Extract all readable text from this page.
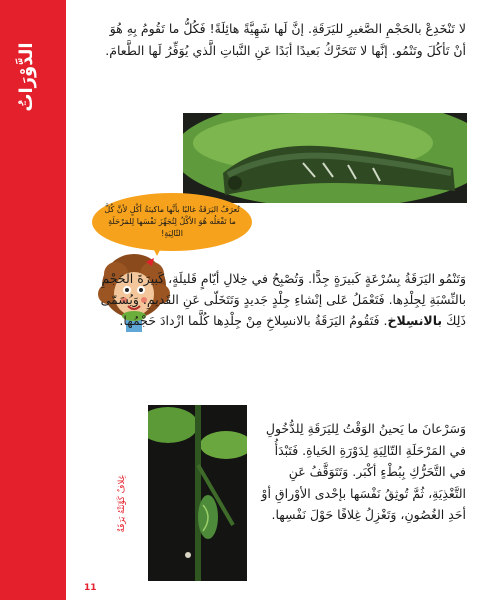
الدَّوْرَاتُ
لا تَنْخَدِعْ بالحَجْمِ الصَّغيرِ لليَرَقَةِ. إنَّ لَها شَهِيَّةً هائِلَةً! فَكُلُّ ما تَقُومُ بِهِ هُوَ أنْ تَأكُلَ وتَنْمُو. إنَّها لا تَتَحَرَّكُ بَعيدًا أبَدًا عَنِ النَّباتِ الَّذي يُوَفِّرُ لَها الطَّعامَ.
تُعرَفُ اليَرَقَةُ غالبًا بأنَّها ماكينَةُ أكْلٍ لأنَّ كُلَّ ما تَفْعَلُه هُوَ الأكْلُ لِتُجَهِّزَ نَفْسَها لِلمَرْحَلَةِ التّالِيَةِ!
وَتَنْمُو اليَرَقَةُ بِسُرْعَةٍ كَبيرَةٍ جِدًّا. وَتُصْبِحُ في خِلالِ أيّامٍ قَليلَةٍ، كَبيرَةَ الحَجْمِ بالنِّسْبَةِ لِجِلْدِها. فَتَعْمَلُ عَلى إنْشاءِ جِلْدٍ جَديدٍ وَتَتَخَلّى عَنِ القَديمِ. وَيُسَمّى ذَلِكَ بالانسِلاخ. فَتَقُومُ اليَرَقَةُ بالانسِلاخِ مِنْ جِلْدِها كُلَّما ازْدادَ حَجْمُها.
غِلافٌ كَوَّنَتْهُ يَرَقَةٌ
وَسَرْعانَ ما يَحينُ الوَقْتُ لِليَرَقَةِ لِلدُّخُولِ في المَرْحَلَةِ التّالِيَةِ لِدَوْرَةِ الحَياةِ. فَتَبْدَأُ في التَّحَرُّكِ بِبُطْءٍ أكْبَر. وَتَتَوَقَّفُ عَنِ التَّغْذِيَةِ، ثُمَّ تُوثِقُ نَفْسَها بإحْدى الأوْراقِ أوْ أحَدِ الغُصُونِ، وَتَغْزِلُ غِلافًا حَوْلَ نَفْسِها.
11
